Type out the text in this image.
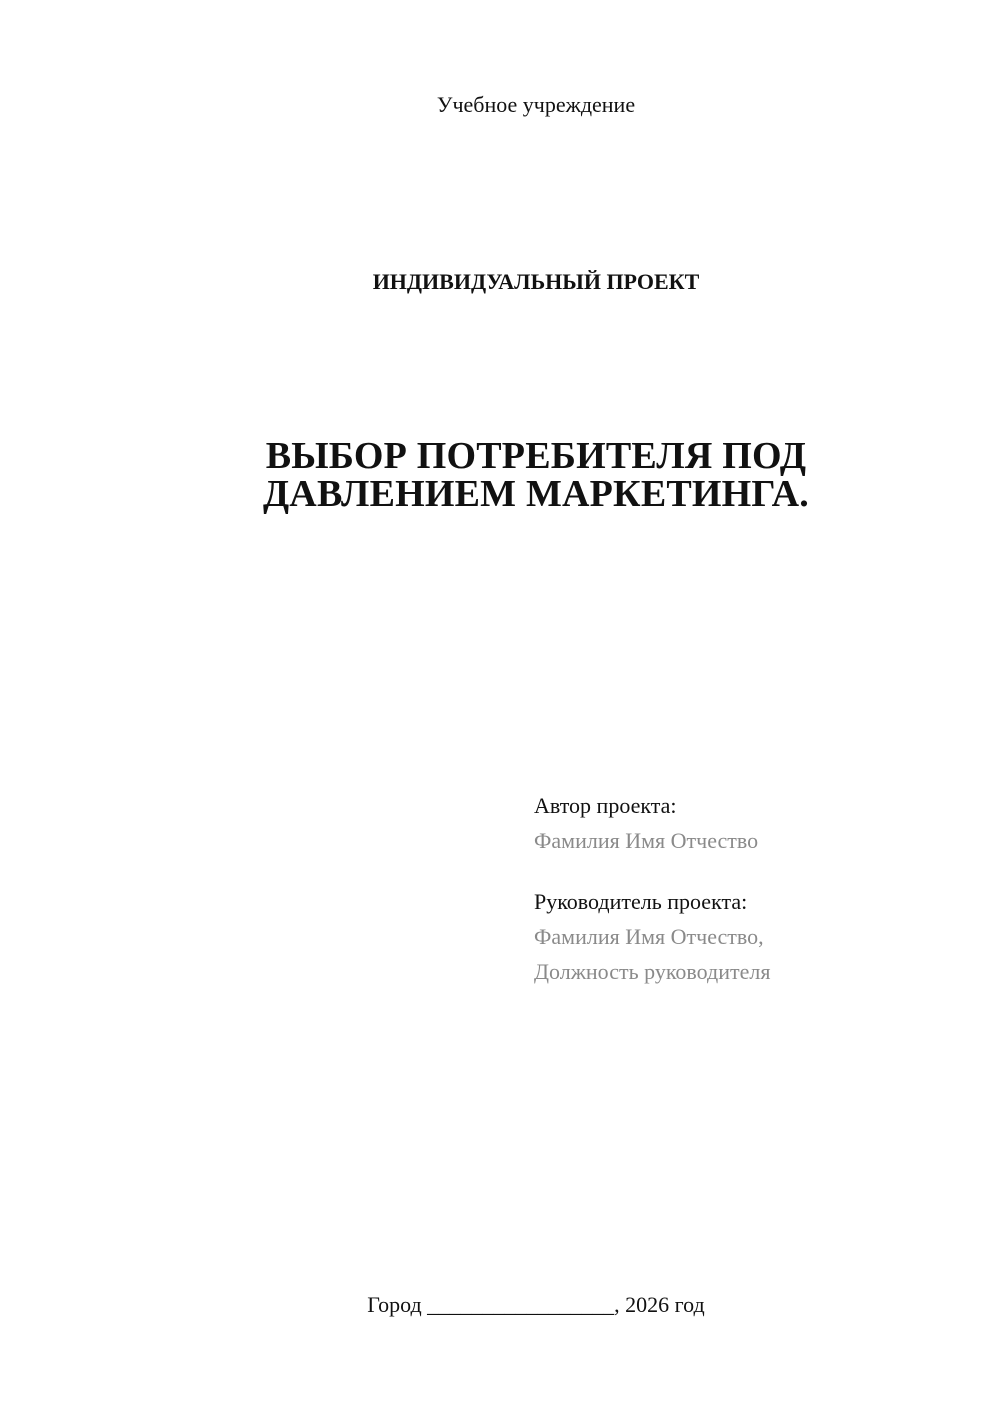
Учебное учреждение
ИНДИВИДУАЛЬНЫЙ ПРОЕКТ
ВЫБОР ПОТРЕБИТЕЛЯ ПОД
ДАВЛЕНИЕМ МАРКЕТИНГА.
Автор проекта:
Фамилия Имя Отчество
Руководитель проекта:
Фамилия Имя Отчество,
Должность руководителя
Город _________________, 2026 год
